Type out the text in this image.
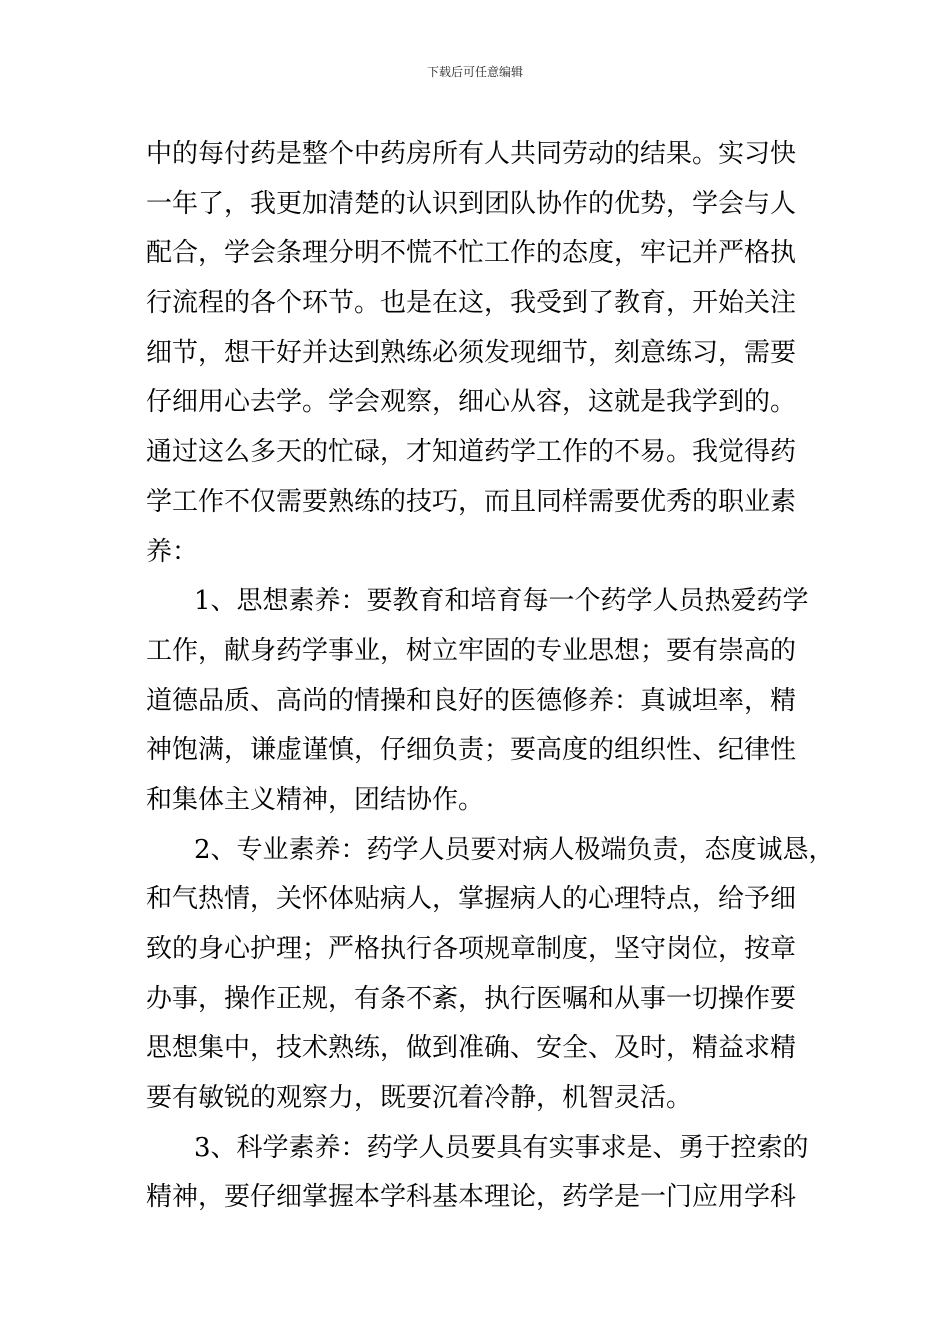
下载后可任意编辑
中的每付药是整个中药房所有人共同劳动的结果。实习快
一年了，我更加清楚的认识到团队协作的优势，学会与人
配合，学会条理分明不慌不忙工作的态度，牢记并严格执
行流程的各个环节。也是在这，我受到了教育，开始关注
细节，想干好并达到熟练必须发现细节，刻意练习，需要
仔细用心去学。学会观察，细心从容，这就是我学到的。
通过这么多天的忙碌，才知道药学工作的不易。我觉得药
学工作不仅需要熟练的技巧，而且同样需要优秀的职业素
养：
1、思想素养：要教育和培育每一个药学人员热爱药学
工作，献身药学事业，树立牢固的专业思想；要有崇高的
道德品质、高尚的情操和良好的医德修养：真诚坦率，精
神饱满，谦虚谨慎，仔细负责；要高度的组织性、纪律性
和集体主义精神，团结协作。
2、专业素养：药学人员要对病人极端负责，态度诚恳，
和气热情，关怀体贴病人，掌握病人的心理特点，给予细
致的身心护理；严格执行各项规章制度，坚守岗位，按章
办事，操作正规，有条不紊，执行医嘱和从事一切操作要
思想集中，技术熟练，做到准确、安全、及时，精益求精
要有敏锐的观察力，既要沉着冷静，机智灵活。
3、科学素养：药学人员要具有实事求是、勇于控索的
精神，要仔细掌握本学科基本理论，药学是一门应用学科
